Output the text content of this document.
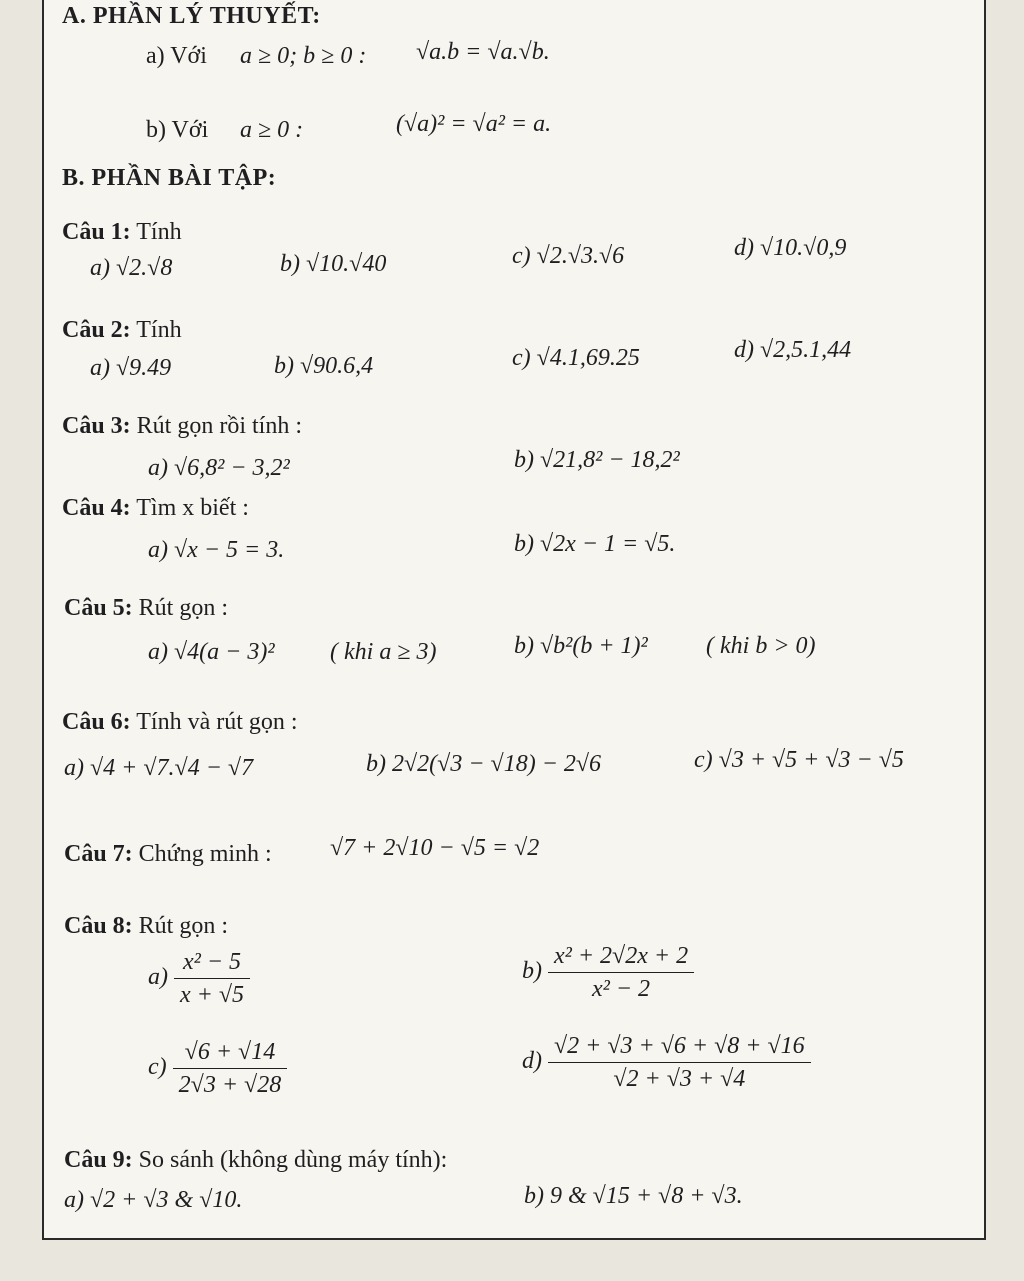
A. PHẦN LÝ THUYẾT:
a) Với a ≥ 0; b ≥ 0 : √a.b = √a.√b.
b) Với a ≥ 0 :	(√a)² = √a² = a.
B. PHẦN BÀI TẬP:
Câu 1: Tính
a) √2.√8	b) √10.√40	c) √2.√3.√6	d) √10.√0,9
Câu 2: Tính
a) √9.49	b) √90.6,4	c) √4.1,69.25	d) √2,5.1,44
Câu 3: Rút gọn rồi tính :
a) √6,8² − 3,2²	b) √21,8² − 18,2²
Câu 4: Tìm x biết :
a) √x − 5 = 3.	b) √2x − 1 = √5.
Câu 5: Rút gọn :
a) √4(a − 3)² ( khi a ≥ 3)	b) √b²(b + 1)² ( khi b > 0)
Câu 6: Tính và rút gọn :
a) √4 + √7.√4 − √7	b) 2√2(√3 − √18) − 2√6	c) √3 + √5 + √3 − √5
Câu 7: Chứng minh : √7 + 2√10 − √5 = √2
Câu 8: Rút gọn :
$a) \frac{\text{x² − 5}}{x + √5}$	$b) \frac{\text{x² + 2√2x + 2}}{\text{x² − 2}}$
$c) \frac{√6 + √14}{2√3 + √28}$	$d) \frac{√2 + √3 + √6 + √8 + √16}{√2 + √3 + √4}$
Câu 9: So sánh (không dùng máy tính):
a) √2 + √3 & √10.	b) 9 & √15 + √8 + √3.
